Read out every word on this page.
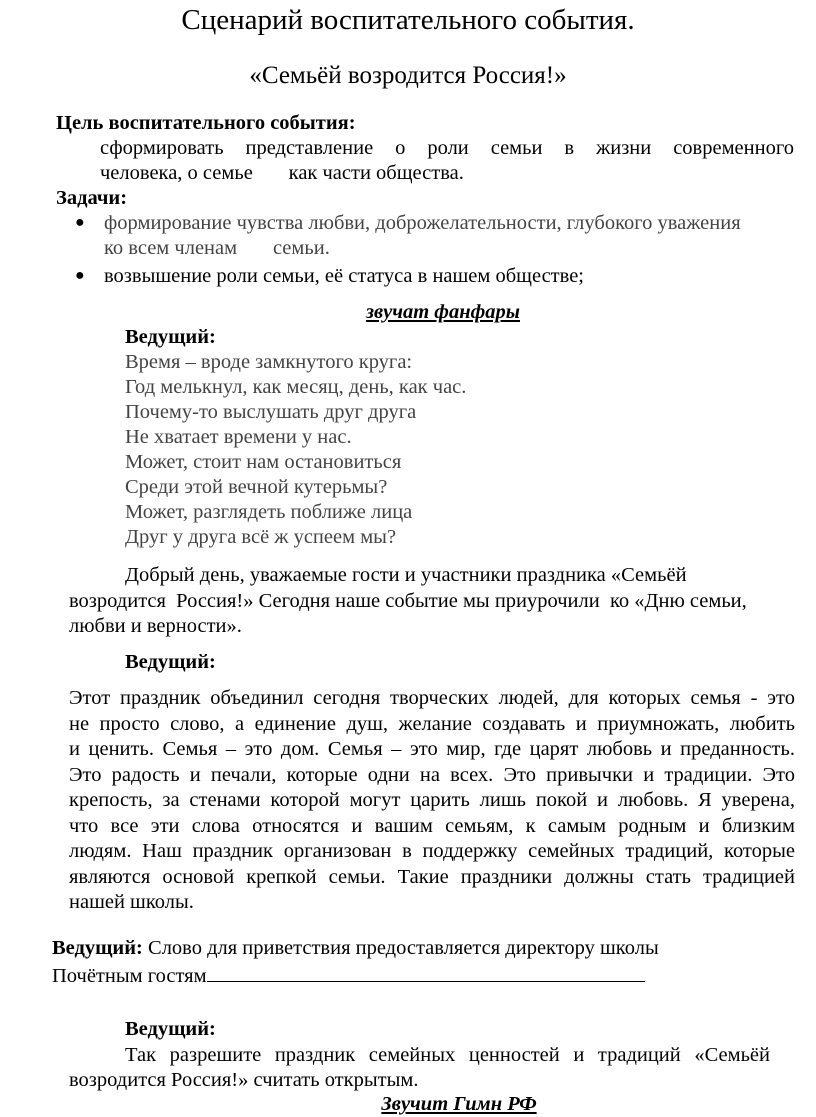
Сценарий воспитательного события.
«Семьёй возродится Россия!»
Цель воспитательного события:
сформировать представление о роли семьи в жизни современного
человека, о семье       как части общества.
Задачи:
● формирование чувства любви, доброжелательности, глубокого уважения
ко всем членам       семьи.
● возвышение роли семьи, её статуса в нашем обществе;
звучат фанфары
Ведущий:
Время – вроде замкнутого круга:
Год мелькнул, как месяц, день, как час.
Почему-то выслушать друг друга
Не хватает времени у нас.
Может, стоит нам остановиться
Среди этой вечной кутерьмы?
Может, разглядеть поближе лица
Друг у друга всё ж успеем мы?
Добрый день, уважаемые гости и участники праздника «Семьёй
возродится  Россия!» Сегодня наше событие мы приурочили  ко «Дню семьи,
любви и верности».
Ведущий:
Этот праздник объединил сегодня творческих людей, для которых семья - это
не просто слово, а единение душ, желание создавать и приумножать, любить
и ценить. Семья – это дом. Семья – это мир, где царят любовь и преданность.
Это радость и печали, которые одни на всех. Это привычки и традиции. Это
крепость, за стенами которой могут царить лишь покой и любовь. Я уверена,
что все эти слова относятся и вашим семьям, к самым родным и близким
людям. Наш праздник организован в поддержку семейных традиций, которые
являются основой крепкой семьи. Такие праздники должны стать традицией
нашей школы.
Ведущий: Слово для приветствия предоставляется директору школы
Почётным гостям
Ведущий:
Так разрешите праздник семейных ценностей и традиций «Семьёй
возродится Россия!» считать открытым.
Звучит Гимн РФ
